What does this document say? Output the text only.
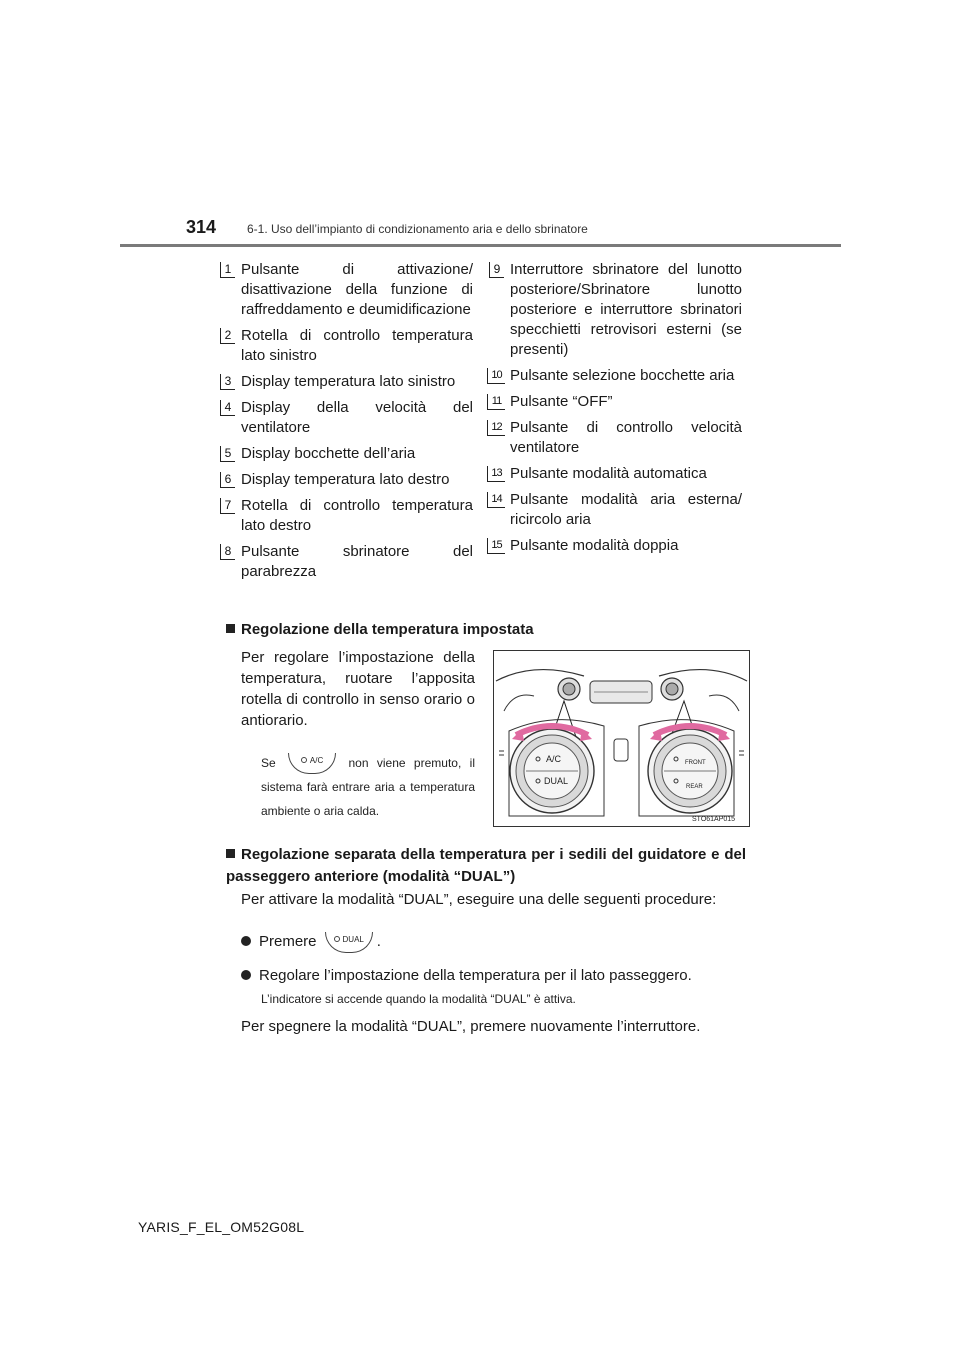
314	6-1. Uso dell’impianto di condizionamento aria e dello sbrinatore
1 Pulsante di attivazione/ disattivazione della funzione di raffreddamento e deumidificazione
2 Rotella di controllo temperatura lato sinistro
3 Display temperatura lato sinistro
4 Display della velocità del ventilatore
5 Display bocchette dell’aria
6 Display temperatura lato destro
7 Rotella di controllo temperatura lato destro
8 Pulsante sbrinatore del parabrezza
9 Interruttore sbrinatore del lunotto posteriore/Sbrinatore lunotto posteriore e interruttore sbrinatori specchietti retrovisori esterni (se presenti)
10 Pulsante selezione bocchette aria
11 Pulsante “OFF”
12 Pulsante di controllo velocità ventilatore
13 Pulsante modalità automatica
14 Pulsante modalità aria esterna/ ricircolo aria
15 Pulsante modalità doppia
Regolazione della temperatura impostata
Per regolare l’impostazione della temperatura, ruotare l’apposita rotella di controllo in senso orario o antiorario.
Se	A/C non viene premuto, il sistema farà entrare aria a temperatura ambiente o aria calda.
A/C
DUAL
FRONT
REAR
STO61AP015
Regolazione separata della temperatura per i sedili del guidatore e del passeggero anteriore (modalità “DUAL”)
Per attivare la modalità “DUAL”, eseguire una delle seguenti procedure:
Premere	DUAL .
Regolare l’impostazione della temperatura per il lato passeggero.
L’indicatore si accende quando la modalità “DUAL” è attiva.
Per spegnere la modalità “DUAL”, premere nuovamente l’interruttore.
YARIS_F_EL_OM52G08L
